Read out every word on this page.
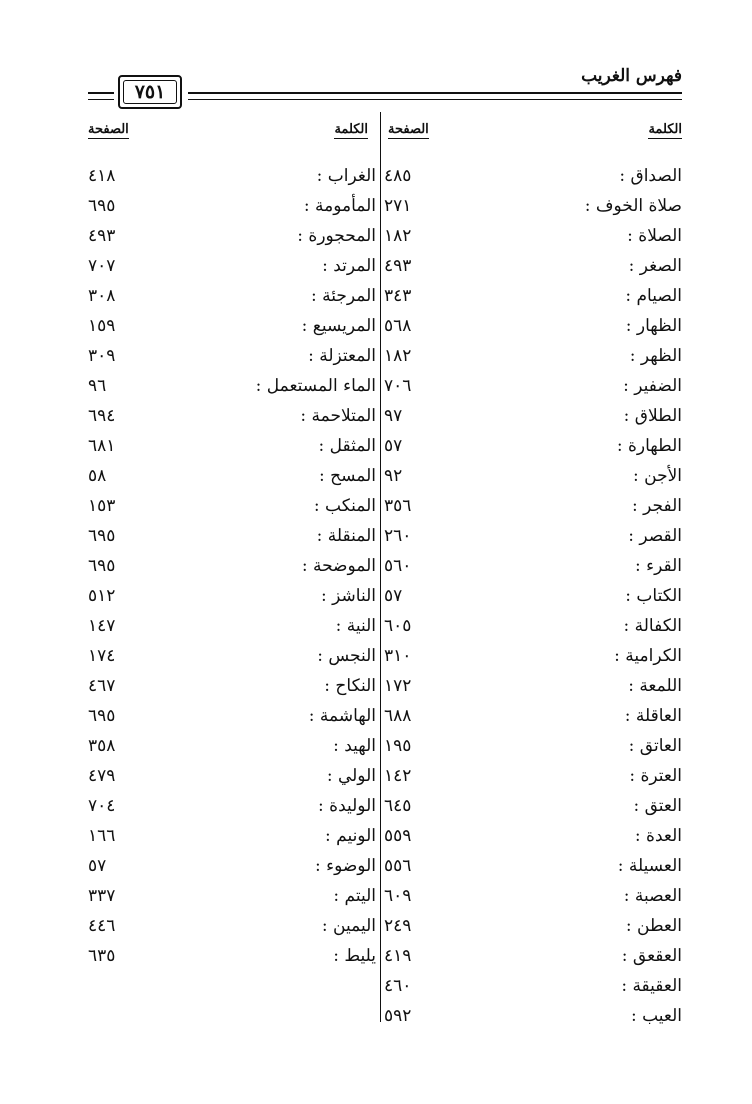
فهرس الغريب
٧٥١
الكلمة
الصفحة
الكلمة
الصفحة
الصداق :
٤٨٥
صلاة الخوف :
٢٧١
الصلاة :
١٨٢
الصغر :
٤٩٣
الصيام :
٣٤٣
الظهار :
٥٦٨
الظهر :
١٨٢
الضفير :
٧٠٦
الطلاق :
٩٧
الطهارة :
٥٧
الأجن :
٩٢
الفجر :
٣٥٦
القصر :
٢٦٠
القرء :
٥٦٠
الكتاب :
٥٧
الكفالة :
٦٠٥
الكرامية :
٣١٠
اللمعة :
١٧٢
العاقلة :
٦٨٨
العاتق :
١٩٥
العترة :
١٤٢
العتق :
٦٤٥
العدة :
٥٥٩
العسيلة :
٥٥٦
العصبة :
٦٠٩
العطن :
٢٤٩
العقعق :
٤١٩
العقيقة :
٤٦٠
العيب :
٥٩٢
الغراب :
٤١٨
المأمومة :
٦٩٥
المحجورة :
٤٩٣
المرتد :
٧٠٧
المرجئة :
٣٠٨
المريسيع :
١٥٩
المعتزلة :
٣٠٩
الماء المستعمل :
٩٦
المتلاحمة :
٦٩٤
المثقل :
٦٨١
المسح :
٥٨
المنكب :
١٥٣
المنقلة :
٦٩٥
الموضحة :
٦٩٥
الناشز :
٥١٢
النية :
١٤٧
النجس :
١٧٤
النكاح :
٤٦٧
الهاشمة :
٦٩٥
الهيد :
٣٥٨
الولي :
٤٧٩
الوليدة :
٧٠٤
الونيم :
١٦٦
الوضوء :
٥٧
اليتم :
٣٣٧
اليمين :
٤٤٦
يليط :
٦٣٥
